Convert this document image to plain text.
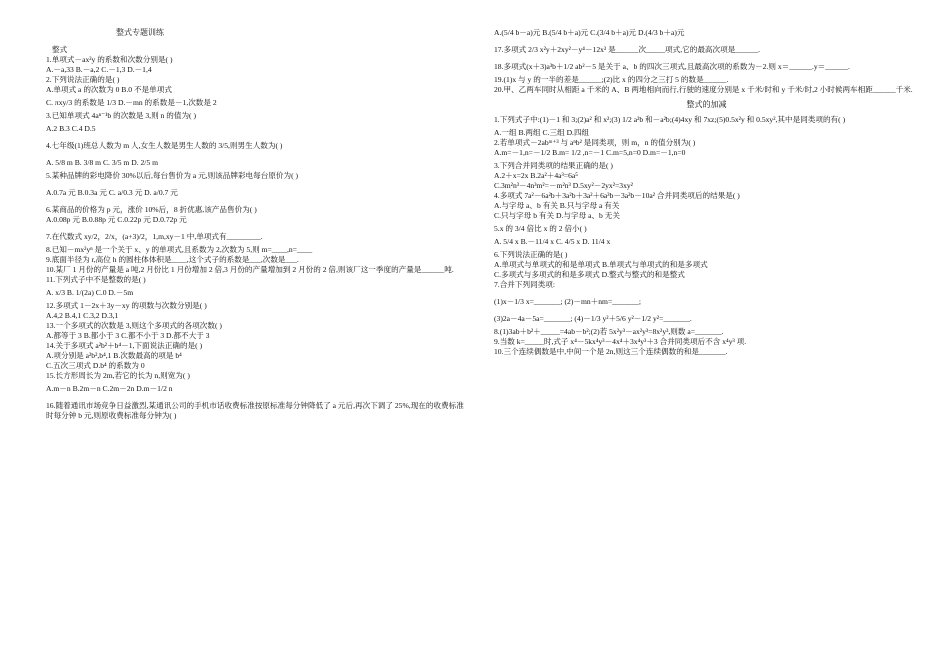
整式专题训练
整式
1.单项式－ax²y 的系数和次数分别是( )
A.－a,33 B.－a,2 C.－1,3 D.－1,4
2.下列说法正确的是( )
A.单项式 a 的次数为 0 B.0 不是单项式
C. πxy/3 的系数是 1/3 D.－mn 的系数是－1,次数是 2
3.已知单项式 4aⁿ⁻¹b 的次数是 3,则 n 的值为( )
A.2 B.3 C.4 D.5
4.七年级(1)班总人数为 m 人,女生人数是男生人数的 3/5,则男生人数为( )
A. 5/8 m B. 3/8 m C. 3/5 m D. 2/5 m
5.某种品牌的彩电降价 30%以后,每台售价为 a 元,则该品牌彩电每台原价为( )
A.0.7a 元 B.0.3a 元 C. a/0.3 元 D. a/0.7 元
6.某商品的价格为 p 元，涨价 10%后，8 折优惠,该产品售价为( )
A.0.08p 元 B.0.88p 元 C.0.22p 元 D.0.72p 元
7.在代数式 xy/2，2/x，(a+3)/2，1,m,xy－1 中,单项式有_________.
8.已知－mx²yⁿ 是一个关于 x、y 的单项式,且系数为 2,次数为 5,则 m=____,n=____
9.底面半径为 r,高位 h 的圆柱体体积是____,这个式子的系数是___,次数是___.
10.某厂 1 月份的产量是 a 吨,2 月份比 1 月份增加 2 倍,3 月份的产量增加到 2 月份的 2 倍,则该厂这一季度的产量是______吨.
11.下列式子中不是整数的是( )
A. x/3 B. 1/(2a) C.0 D.－5m
12.多项式 1－2x＋3y－xy 的项数与次数分别是( )
A.4,2 B.4,1 C.3,2 D.3,1
13.一个多项式的次数是 3,则这个多项式的各项次数( )
A.都等于 3 B.都小于 3 C.都不小于 3 D.都不大于 3
14.关于多项式 a²b²＋b⁴－1,下面说法正确的是( )
A.项分别是 a²b²,b⁴,1 B.次数最高的项是 b⁴
C.五次三项式 D.b⁴ 的系数为 0
15.长方形周长为 2m,若它的长为 n,则宽为( )
A.m－n B.2m－n C.2m－2n D.m－1/2 n
16.随着通讯市场竞争日益激烈,某通讯公司的手机市话收费标准按原标准每分钟降低了 a 元后,再次下调了 25%,现在的收费标准时每分钟 b 元,则原收费标准每分钟为( )
A.(5/4 b－a)元 B.(5/4 b＋a)元 C.(3/4 b＋a)元 D.(4/3 b＋a)元
17.多项式 2/3 x²y＋2xy²－y⁴－12x³ 是______次_____项式,它的最高次项是______.
18.多项式(x＋3)a³b＋1/2 ab²－5 是关于 a、b 的四次三项式,且最高次项的系数为－2.则 x＝______.y＝______.
19.(1)x 与 y 的一半的差是______;(2)比 x 的四分之三打 5 的数是______.
20.甲、乙两车同时从相距 a 千米的 A、B 两地相向而行,行驶的速度分别是 x 千米/时和 y 千米/时,2 小时候两车相距______千米.
整式的加减
1.下列式子中:(1)－1 和 3;(2)a² 和 x²;(3) 1/2 a²b 和－a²b;(4)4xy 和 7xz;(5)0.5x²y 和 0.5xy²,其中是同类项的有( )
A.一组 B.两组 C.三组 D.四组
2.若单项式－2abᵐ⁺³ 与 aⁿb² 是同类项，则 m，n 的值分别为( )
A.m=－1,n=－1/2 B.m= 1/2 ,n=－1 C.m=5,n=0 D.m=－1,n=0
3.下列合并同类项的结果正确的是( )
A.2＋x=2x B.2a²＋4a³=6a⁵
C.3m²n³－4n³m²=－m²n³ D.5xy²－2yx²=3xy²
4.多项式 7a²－6a²b＋3a²b＋3a²＋6a³b－3a²b－10a² 合并同类项后的结果是( )
A.与字母 a、b 有关 B.只与字母 a 有关
C.只与字母 b 有关 D.与字母 a、b 无关
5.x 的 3/4 倍比 x 的 2 倍小( )
A. 5/4 x B.－11/4 x C. 4/5 x D. 11/4 x
6.下列说法正确的是( )
A.单项式与单项式的和是单项式 B.单项式与单项式的和是多项式
C.多项式与多项式的和是多项式 D.整式与整式的和是整式
7.合并下列同类项:
(1)x－1/3 x=_______; (2)－mn＋nm=_______;
(3)2a－4a－5a=_______; (4)－1/3 y²＋5/6 y²－1/2 y²=_______.
8.(1)3ab＋b²＋_____=4ab－b²;(2)若 5x²y³－ax²y³=8x²y³,则数 a=_______.
9.当数 k=_____时,式子 x⁴－5kx⁴y³－4x⁴＋3x⁴y³＋3 合并同类项后不含 x⁴y³ 项.
10.三个连续偶数是中,中间一个是 2n,则这三个连续偶数的和是_______.
